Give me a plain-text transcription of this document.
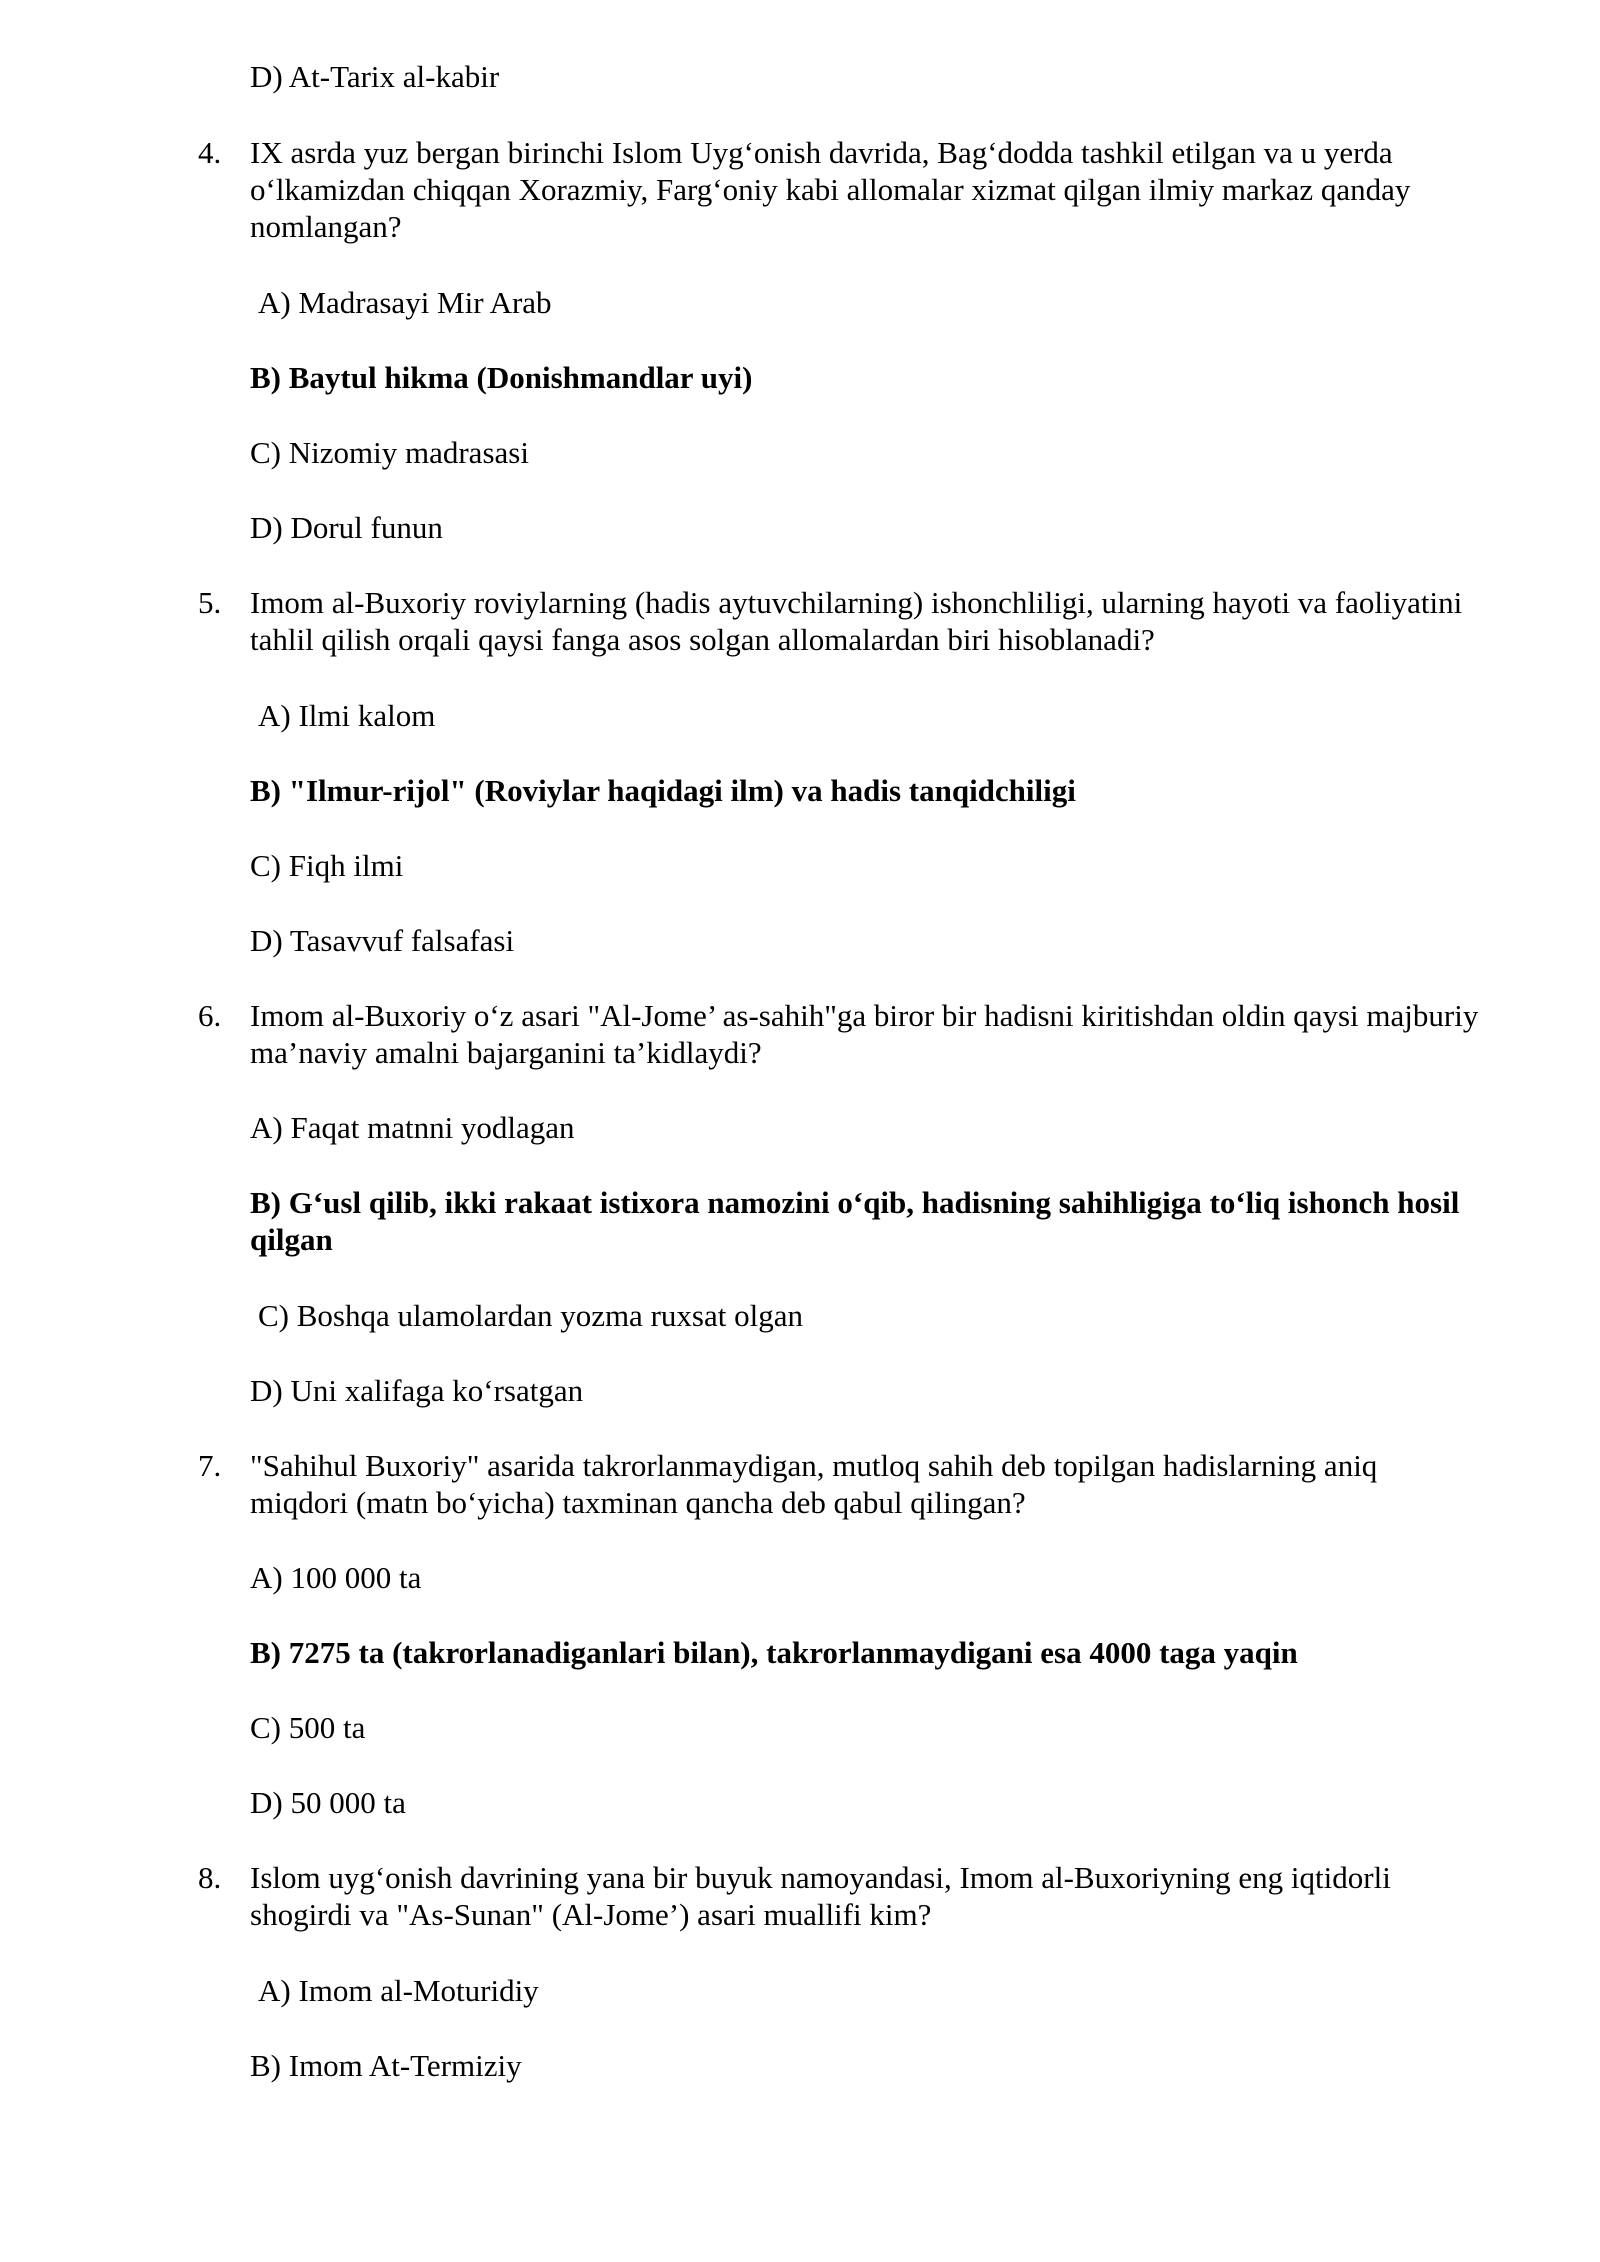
D) At-Tarix al-kabir
4. IX asrda yuz bergan birinchi Islom Uyg‘onish davrida, Bag‘dodda tashkil etilgan va u yerda o‘lkamizdan chiqqan Xorazmiy, Farg‘oniy kabi allomalar xizmat qilgan ilmiy markaz qanday nomlangan?
A) Madrasayi Mir Arab
B) Baytul hikma (Donishmandlar uyi)
C) Nizomiy madrasasi
D) Dorul funun
5. Imom al-Buxoriy roviylarning (hadis aytuvchilarning) ishonchliligi, ularning hayoti va faoliyatini tahlil qilish orqali qaysi fanga asos solgan allomalardan biri hisoblanadi?
A) Ilmi kalom
B) "Ilmur-rijol" (Roviylar haqidagi ilm) va hadis tanqidchiligi
C) Fiqh ilmi
D) Tasavvuf falsafasi
6. Imom al-Buxoriy o‘z asari "Al-Jome’ as-sahih"ga biror bir hadisni kiritishdan oldin qaysi majburiy ma’naviy amalni bajarganini ta’kidlaydi?
A) Faqat matnni yodlagan
B) G‘usl qilib, ikki rakaat istixora namozini o‘qib, hadisning sahihligiga to‘liq ishonch hosil qilgan
C) Boshqa ulamolardan yozma ruxsat olgan
D) Uni xalifaga ko‘rsatgan
7. "Sahihul Buxoriy" asarida takrorlanmaydigan, mutloq sahih deb topilgan hadislarning aniq miqdori (matn bo‘yicha) taxminan qancha deb qabul qilingan?
A) 100 000 ta
B) 7275 ta (takrorlanadiganlari bilan), takrorlanmaydigani esa 4000 taga yaqin
C) 500 ta
D) 50 000 ta
8. Islom uyg‘onish davrining yana bir buyuk namoyandasi, Imom al-Buxoriyning eng iqtidorli shogirdi va "As-Sunan" (Al-Jome’) asari muallifi kim?
A) Imom al-Moturidiy
B) Imom At-Termiziy
